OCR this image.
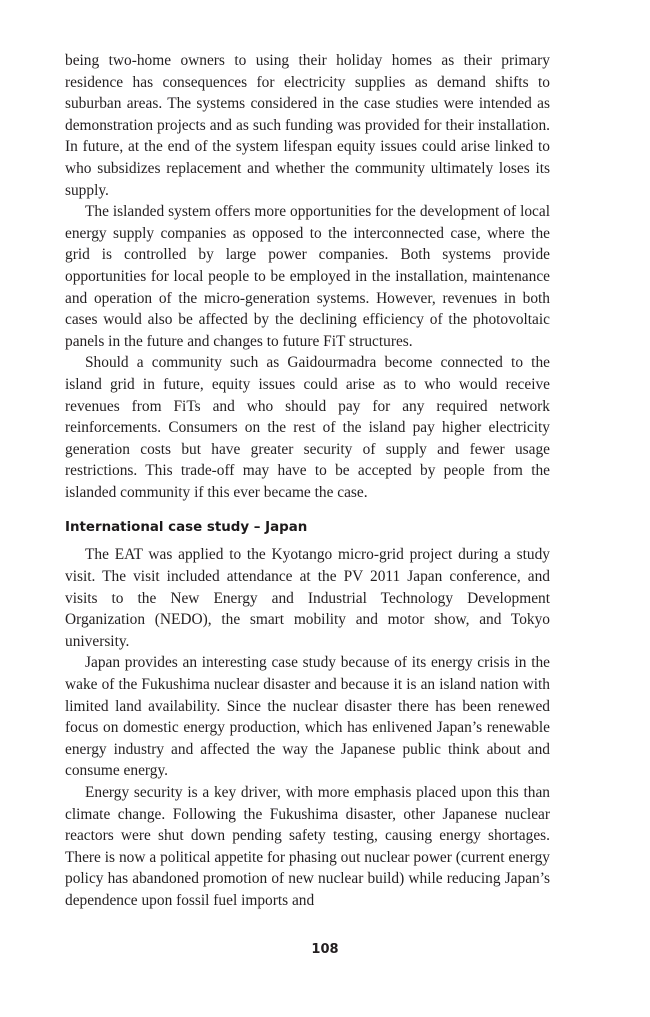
being two-home owners to using their holiday homes as their primary residence has consequences for electricity supplies as demand shifts to suburban areas. The systems considered in the case studies were intended as demonstration projects and as such funding was provided for their installation. In future, at the end of the system lifespan equity issues could arise linked to who subsidizes replacement and whether the community ultimately loses its supply.

The islanded system offers more opportunities for the development of local energy supply companies as opposed to the interconnected case, where the grid is controlled by large power companies. Both systems provide opportunities for local people to be employed in the installation, maintenance and operation of the micro-generation systems. However, revenues in both cases would also be affected by the declining efficiency of the photovoltaic panels in the future and changes to future FiT structures.

Should a community such as Gaidourmadra become connected to the island grid in future, equity issues could arise as to who would receive revenues from FiTs and who should pay for any required network reinforcements. Consumers on the rest of the island pay higher electricity generation costs but have greater security of supply and fewer usage restrictions. This trade-off may have to be accepted by people from the islanded community if this ever became the case.

International case study – Japan

The EAT was applied to the Kyotango micro-grid project during a study visit. The visit included attendance at the PV 2011 Japan conference, and visits to the New Energy and Industrial Technology Development Organization (NEDO), the smart mobility and motor show, and Tokyo university.

Japan provides an interesting case study because of its energy crisis in the wake of the Fukushima nuclear disaster and because it is an island nation with limited land availability. Since the nuclear disaster there has been renewed focus on domestic energy production, which has enlivened Japan’s renewable energy industry and affected the way the Japanese public think about and consume energy.

Energy security is a key driver, with more emphasis placed upon this than climate change. Following the Fukushima disaster, other Japanese nuclear reactors were shut down pending safety testing, causing energy shortages. There is now a political appetite for phasing out nuclear power (current energy policy has abandoned promotion of new nuclear build) while reducing Japan’s dependence upon fossil fuel imports and

108
